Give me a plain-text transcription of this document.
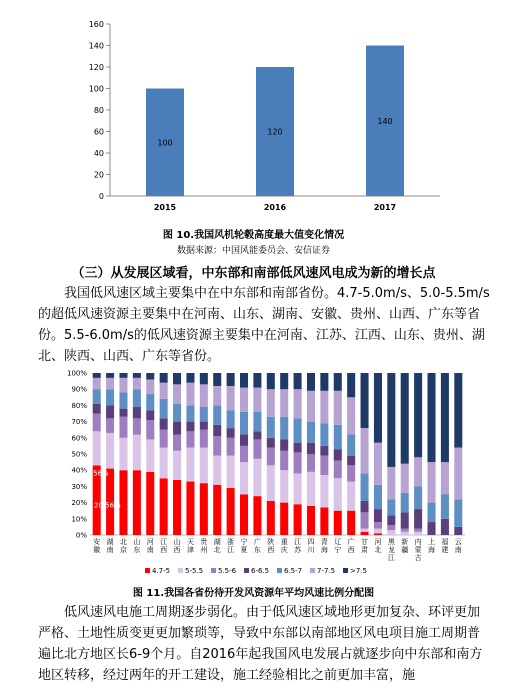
0
20
40
60
80
100
120
140
160
100
2015
120
2016
140
2017
图 10.我国风机轮毂高度最大值变化情况
数据来源：中国风能委员会、安信证券
（三）从发展区域看，中东部和南部低风速风电成为新的增长点

我国低风速区域主要集中在中东部和南部省份。4.7-5.0m/s、5.0-5.5m/s的超低风速资源主要集中在河南、山东、湖南、安徽、贵州、山西、广东等省份。5.5-6.0m/s的低风速资源主要集中在河南、江苏、江西、山东、贵州、湖北、陕西、山西、广东等省份。

0%
10%
20%
30%
40%
50%
60%
70%
80%
90%
100%
安徽
湖南
北京
山东
河南
江西
山西
天津
贵州
湖北
浙江
宁夏
广东
陕西
重庆
江苏
四川
青海
辽宁
广西
甘肃
河北
黑龙江
新疆
内蒙古
上海
福建
云南
42.56%
20.56%
4.7-5 5-5.5 5.5-6 6-6.5 6.5-7 7-7.5 >7.5
图 11.我国各省份待开发风资源年平均风速比例分配图

低风速风电施工周期逐步弱化。由于低风速区域地形更加复杂、环评更加严格、土地性质变更更加繁琐等，导致中东部以南部地区风电项目施工周期普遍比北方地区长6-9个月。自2016年起我国风电发展占就逐步向中东部和南方地区转移，经过两年的开工建设，施工经验相比之前更加丰富，施
